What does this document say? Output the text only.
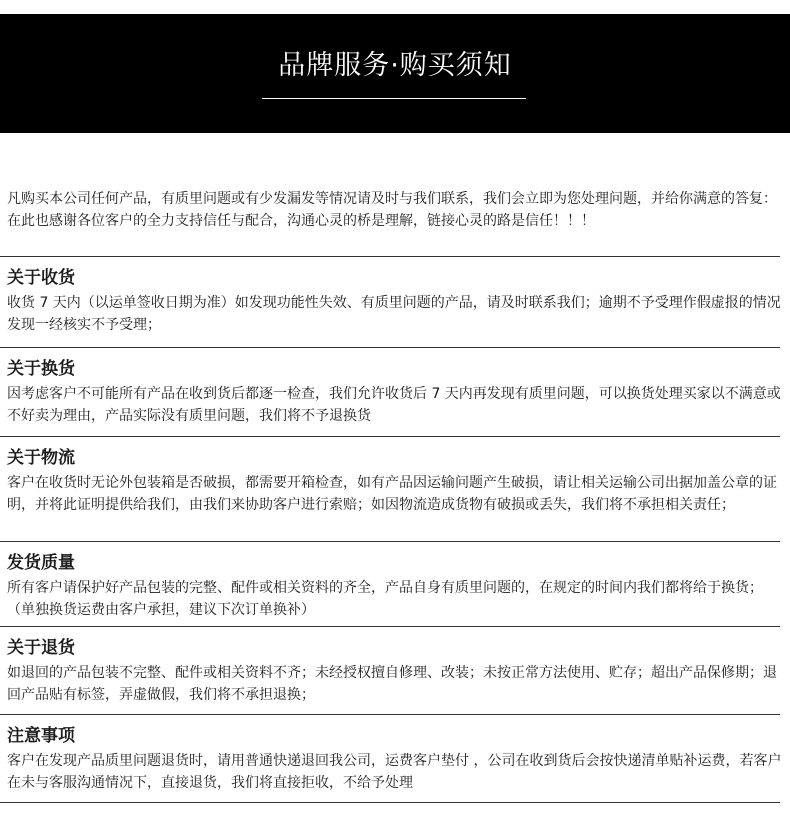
品牌服务·购买须知

凡购买本公司任何产品，有质里问题或有少发漏发等情况请及时与我们联系，我们会立即为您处理问题，并给你满意的答复：在此也感谢各位客户的全力支持信任与配合，沟通心灵的桥是理解，链接心灵的路是信任！！！

关于收货

收货 7 天内（以运单签收日期为准）如发现功能性失效、有质里问题的产品，请及时联系我们；逾期不予受理作假虚报的情况发现一经核实不予受理；

关于换货

因考虑客户不可能所有产品在收到货后都逐一检查，我们允许收货后 7 天内再发现有质里问题，可以换货处理买家以不满意或不好卖为理由，产品实际没有质里问题，我们将不予退换货

关于物流

客户在收货时无论外包装箱是否破损，都需要开箱检查，如有产品因运输问题产生破损，请让相关运输公司出据加盖公章的证明，并将此证明提供给我们，由我们来协助客户进行索赔；如因物流造成货物有破损或丢失，我们将不承担相关责任；

发货质量

所有客户请保护好产品包装的完整、配件或相关资料的齐全，产品自身有质里问题的，在规定的时间内我们都将给于换货；（单独换货运费由客户承担，建议下次订单换补）

关于退货

如退回的产品包装不完整、配件或相关资料不齐；未经授权擅自修理、改装；未按正常方法使用、贮存；超出产品保修期；退回产品贴有标签，弄虚做假，我们将不承担退换；

注意事项

客户在发现产品质里问题退货时，请用普通快递退回我公司，运费客户垫付 ，公司在收到货后会按快递清单贴补运费，若客户在未与客服沟通情况下，直接退货，我们将直接拒收，不给予处理
